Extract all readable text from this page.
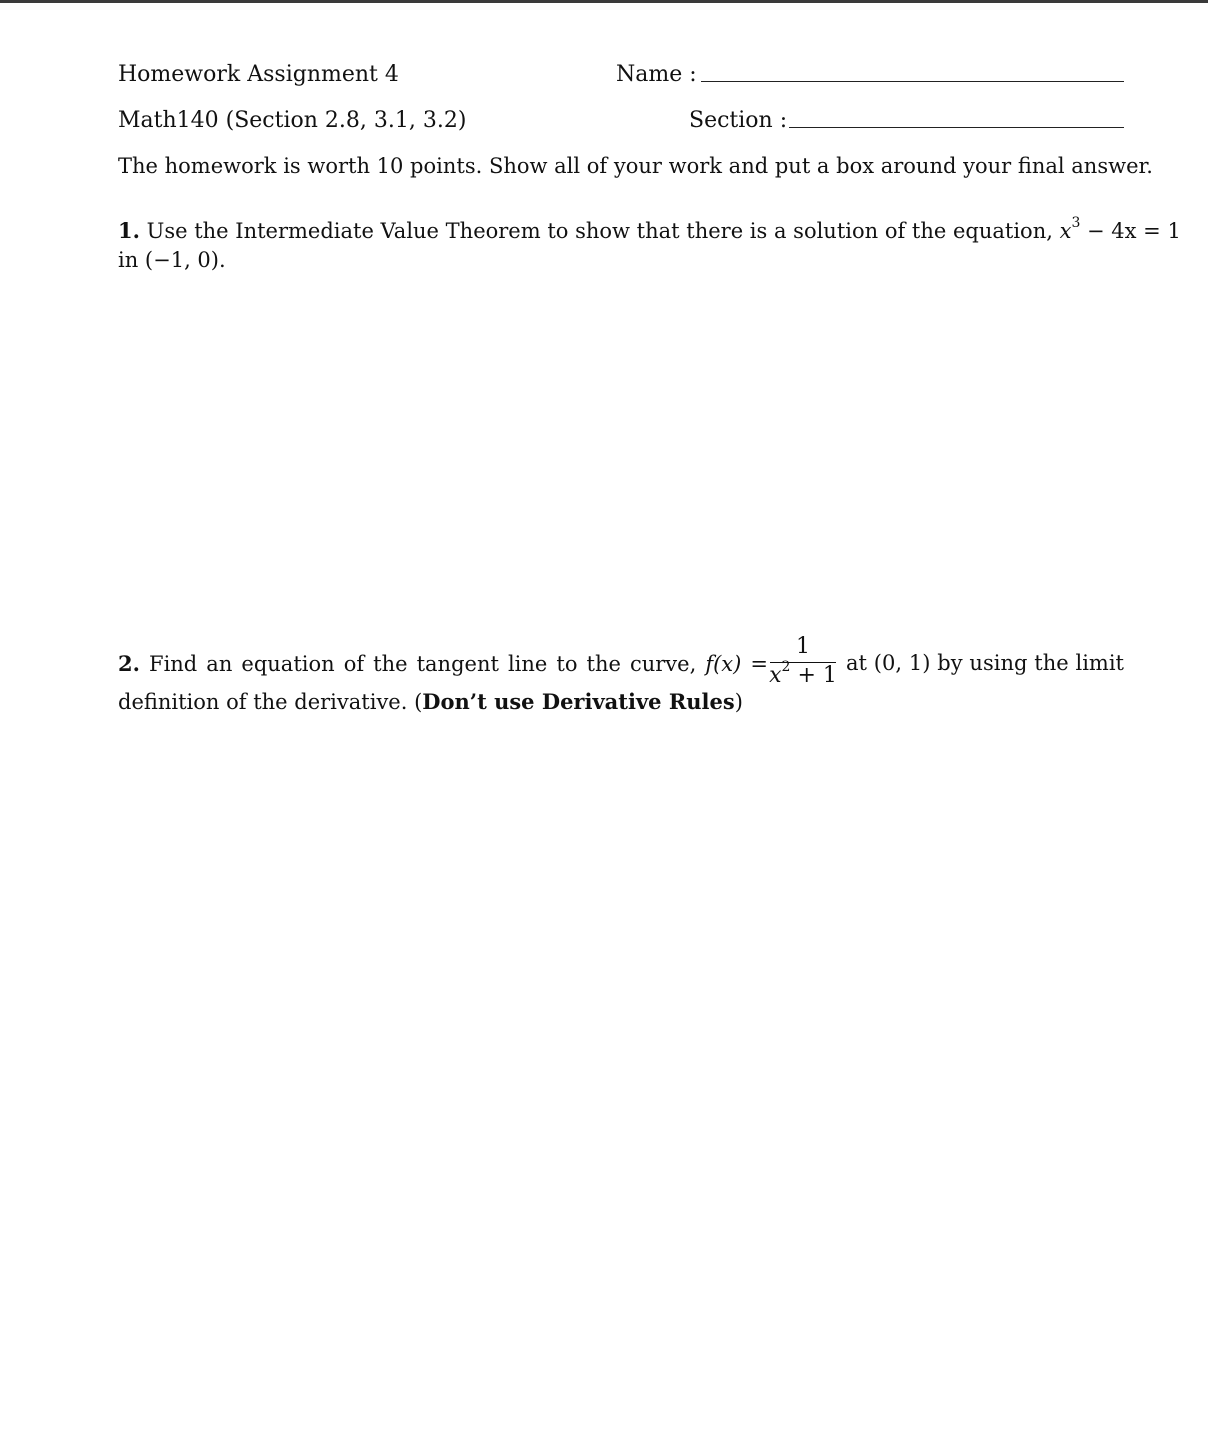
Homework Assignment 4	Name :
Math140 (Section 2.8, 3.1, 3.2)	Section :
The homework is worth 10 points. Show all of your work and put a box around your final answer.
1. Use the Intermediate Value Theorem to show that there is a solution of the equation, $x^3 - 4x = 1$
in (−1, 0).
2. Find an equation of the tangent line to the curve, f(x) =
1
$x^2 + 1$ at (0, 1) by using the limit
definition of the derivative. (Don’t use Derivative Rules)
